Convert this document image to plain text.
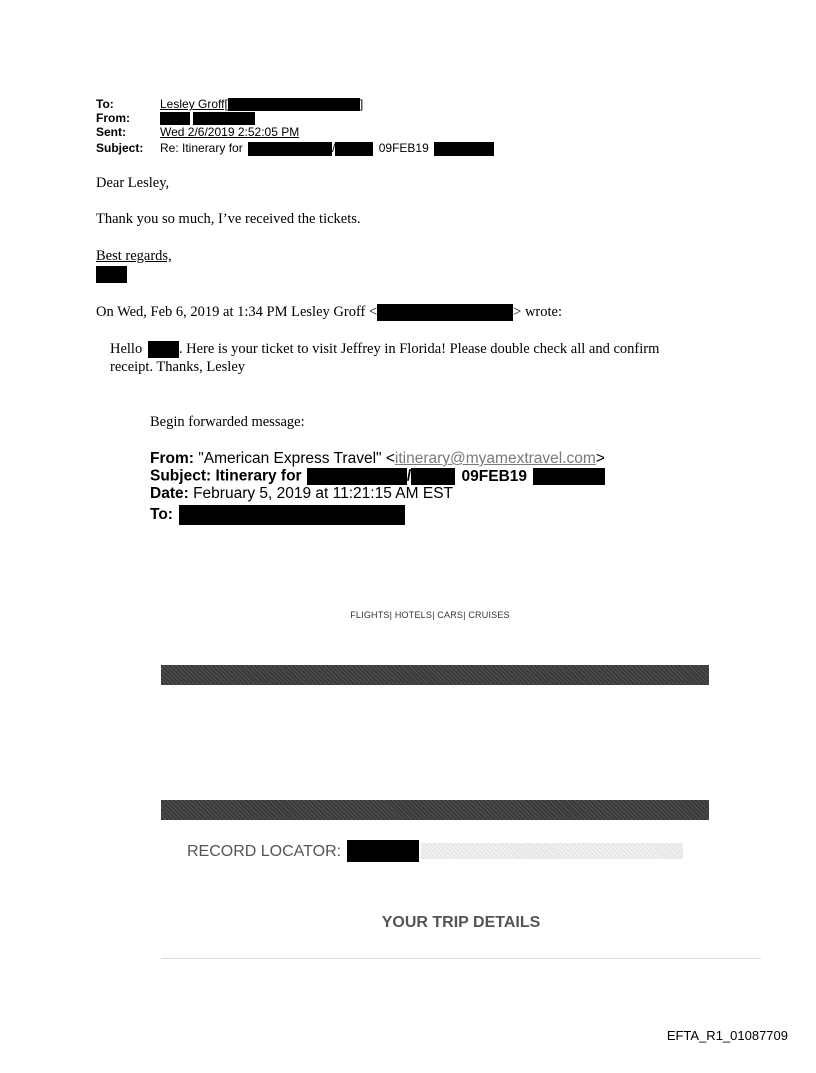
To:	Lesley Groff[	]
From:
Sent:	Wed 2/6/2019 2:52:05 PM
Subject: Re: Itinerary for	/	09FEB19
Dear Lesley,
Thank you so much, I’ve received the tickets.
Best regards,
On Wed, Feb 6, 2019 at 1:34 PM Lesley Groff <	> wrote:
Hello	. Here is your ticket to visit Jeffrey in Florida! Please double check all and confirm
receipt. Thanks, Lesley
Begin forwarded message:
From: "American Express Travel" <itinerary@myamextravel.com>
Subject: Itinerary for	/	09FEB19
Date: February 5, 2019 at 11:21:15 AM EST
To:
FLIGHTS| HOTELS| CARS| CRUISES
RECORD LOCATOR:
YOUR TRIP DETAILS
EFTA_R1_01087709
